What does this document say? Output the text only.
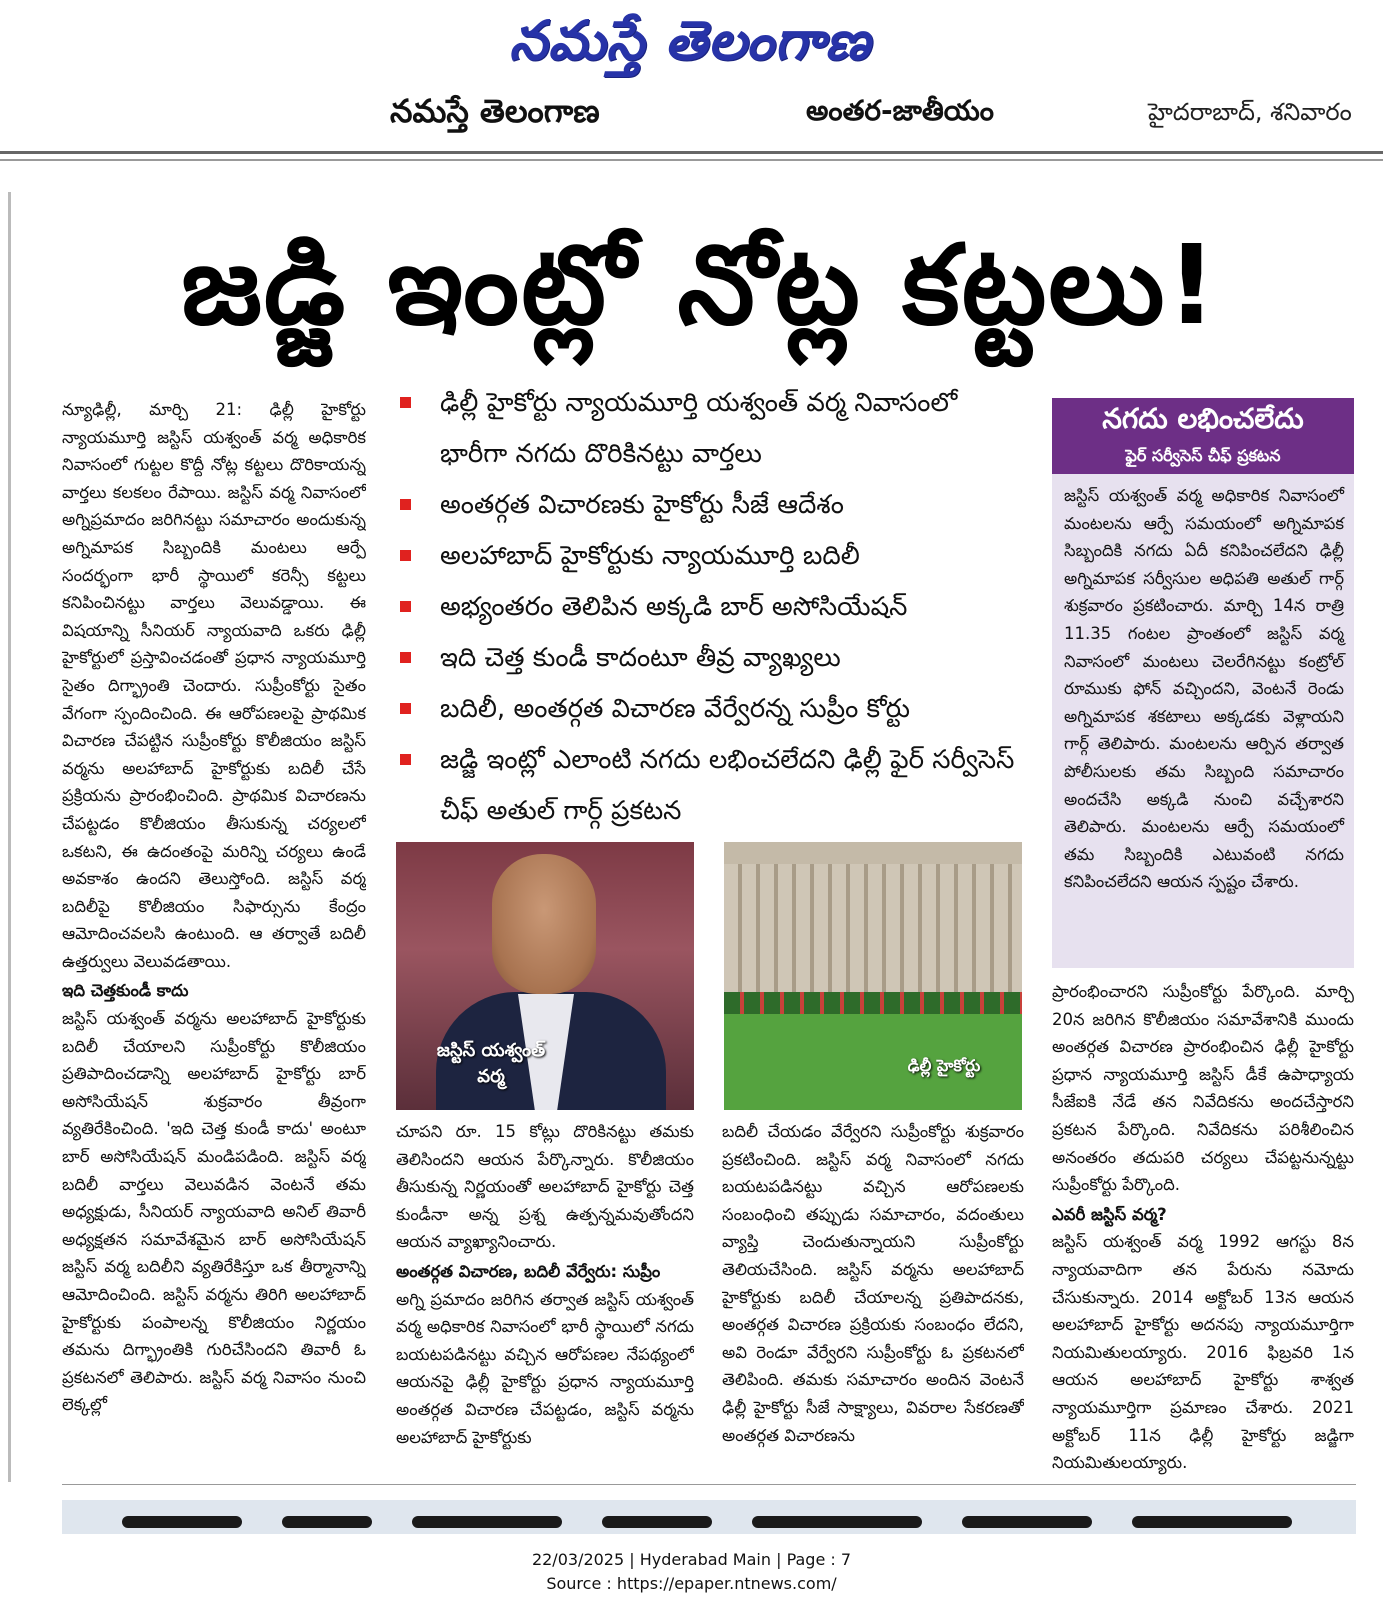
నమస్తే తెలంగాణ
నమస్తే తెలంగాణ	అంతర-జాతీయం	హైదరాబాద్, శనివారం
జడ్జి ఇంట్లో నోట్ల కట్టలు!

న్యూఢిల్లీ, మార్చి 21: ఢిల్లీ హైకోర్టు న్యాయమూర్తి జస్టిస్ యశ్వంత్ వర్మ అధికారిక నివాసంలో గుట్టల కొద్దీ నోట్ల కట్టలు దొరికాయన్న వార్తలు కలకలం రేపాయి. జస్టిస్ వర్మ నివాసంలో అగ్నిప్రమాదం జరిగినట్టు సమాచారం అందుకున్న అగ్నిమాపక సిబ్బందికి మంటలు ఆర్పే సందర్భంగా భారీ స్థాయిలో కరెన్సీ కట్టలు కనిపించినట్టు వార్తలు వెలువడ్డాయి. ఈ విషయాన్ని సీనియర్ న్యాయవాది ఒకరు ఢిల్లీ హైకోర్టులో ప్రస్తావించడంతో ప్రధాన న్యాయమూర్తి సైతం దిగ్భ్రాంతి చెందారు. సుప్రీంకోర్టు సైతం వేగంగా స్పందించింది. ఈ ఆరోపణలపై ప్రాథమిక విచారణ చేపట్టిన సుప్రీంకోర్టు కొలీజియం జస్టిస్ వర్మను అలహాబాద్ హైకోర్టుకు బదిలీ చేసే ప్రక్రియను ప్రారంభించింది. ప్రాథమిక విచారణను చేపట్టడం కొలీజియం తీసుకున్న చర్యలలో ఒకటని, ఈ ఉదంతంపై మరిన్ని చర్యలు ఉండే అవకాశం ఉందని తెలుస్తోంది. జస్టిస్ వర్మ బదిలీపై కొలీజియం సిఫార్సును కేంద్రం ఆమోదించవలసి ఉంటుంది. ఆ తర్వాతే బదిలీ ఉత్తర్వులు వెలువడతాయి.

ఇది చెత్తకుండీ కాదు

జస్టిస్ యశ్వంత్ వర్మను అలహాబాద్ హైకోర్టుకు బదిలీ చేయాలని సుప్రీంకోర్టు కొలీజియం ప్రతిపాదించడాన్ని అలహాబాద్ హైకోర్టు బార్ అసోసియేషన్ శుక్రవారం తీవ్రంగా వ్యతిరేకించింది. 'ఇది చెత్త కుండీ కాదు' అంటూ బార్ అసోసియేషన్ మండిపడింది. జస్టిస్ వర్మ బదిలీ వార్తలు వెలువడిన వెంటనే తమ అధ్యక్షుడు, సీనియర్ న్యాయవాది అనిల్ తివారీ అధ్యక్షతన సమావేశమైన బార్ అసోసియేషన్ జస్టిస్ వర్మ బదిలీని వ్యతిరేకిస్తూ ఒక తీర్మానాన్ని ఆమోదించింది. జస్టిస్ వర్మను తిరిగి అలహాబాద్ హైకోర్టుకు పంపాలన్న కొలీజియం నిర్ణయం తమను దిగ్భ్రాంతికి గురిచేసిందని తివారీ ఓ ప్రకటనలో తెలిపారు. జస్టిస్ వర్మ నివాసం నుంచి లెక్కల్లో

ఢిల్లీ హైకోర్టు న్యాయమూర్తి యశ్వంత్ వర్మ నివాసంలో భారీగా నగదు దొరికినట్టు వార్తలు
అంతర్గత విచారణకు హైకోర్టు సీజే ఆదేశం
అలహాబాద్ హైకోర్టుకు న్యాయమూర్తి బదిలీ
అభ్యంతరం తెలిపిన అక్కడి బార్ అసోసియేషన్
ఇది చెత్త కుండీ కాదంటూ తీవ్ర వ్యాఖ్యలు
బదిలీ, అంతర్గత విచారణ వేర్వేరన్న సుప్రీం కోర్టు
జడ్జి ఇంట్లో ఎలాంటి నగదు లభించలేదని ఢిల్లీ ఫైర్ సర్వీసెస్ చీఫ్ అతుల్ గార్గ్ ప్రకటన
జస్టిస్ యశ్వంత్ వర్మ
ఢిల్లీ హైకోర్టు

చూపని రూ. 15 కోట్లు దొరికినట్టు తమకు తెలిసిందని ఆయన పేర్కొన్నారు. కొలీజియం తీసుకున్న నిర్ణయంతో అలహాబాద్ హైకోర్టు చెత్త కుండీనా అన్న ప్రశ్న ఉత్పన్నమవుతోందని ఆయన వ్యాఖ్యానించారు.

అంతర్గత విచారణ, బదిలీ వేర్వేరు: సుప్రీం

అగ్ని ప్రమాదం జరిగిన తర్వాత జస్టిస్ యశ్వంత్ వర్మ అధికారిక నివాసంలో భారీ స్థాయిలో నగదు బయటపడినట్టు వచ్చిన ఆరోపణల నేపథ్యంలో ఆయనపై ఢిల్లీ హైకోర్టు ప్రధాన న్యాయమూర్తి అంతర్గత విచారణ చేపట్టడం, జస్టిస్ వర్మను అలహాబాద్ హైకోర్టుకు

బదిలీ చేయడం వేర్వేరని సుప్రీంకోర్టు శుక్రవారం ప్రకటించింది. జస్టిస్ వర్మ నివాసంలో నగదు బయటపడినట్టు వచ్చిన ఆరోపణలకు సంబంధించి తప్పుడు సమాచారం, వదంతులు వ్యాప్తి చెందుతున్నాయని సుప్రీంకోర్టు తెలియచేసింది. జస్టిస్ వర్మను అలహాబాద్ హైకోర్టుకు బదిలీ చేయాలన్న ప్రతిపాదనకు, అంతర్గత విచారణ ప్రక్రియకు సంబంధం లేదని, అవి రెండూ వేర్వేరని సుప్రీంకోర్టు ఓ ప్రకటనలో తెలిపింది. తమకు సమాచారం అందిన వెంటనే ఢిల్లీ హైకోర్టు సీజే సాక్ష్యాలు, వివరాల సేకరణతో అంతర్గత విచారణను

నగదు లభించలేదు
ఫైర్ సర్వీసెస్ చీఫ్ ప్రకటన
జస్టిస్ యశ్వంత్ వర్మ అధికారిక నివాసంలో మంటలను ఆర్పే సమయంలో అగ్నిమాపక సిబ్బందికి నగదు ఏదీ కనిపించలేదని ఢిల్లీ అగ్నిమాపక సర్వీసుల అధిపతి అతుల్ గార్గ్ శుక్రవారం ప్రకటించారు. మార్చి 14న రాత్రి 11.35 గంటల ప్రాంతంలో జస్టిస్ వర్మ నివాసంలో మంటలు చెలరేగినట్టు కంట్రోల్ రూముకు ఫోన్ వచ్చిందని, వెంటనే రెండు అగ్నిమాపక శకటాలు అక్కడకు వెళ్లాయని గార్గ్ తెలిపారు. మంటలను ఆర్పిన తర్వాత పోలీసులకు తమ సిబ్బంది సమాచారం అందచేసి అక్కడి నుంచి వచ్చేశారని తెలిపారు. మంటలను ఆర్పే సమయంలో తమ సిబ్బందికి ఎటువంటి నగదు కనిపించలేదని ఆయన స్పష్టం చేశారు.

ప్రారంభించారని సుప్రీంకోర్టు పేర్కొంది. మార్చి 20న జరిగిన కొలీజియం సమావేశానికి ముందు అంతర్గత విచారణ ప్రారంభించిన ఢిల్లీ హైకోర్టు ప్రధాన న్యాయమూర్తి జస్టిస్ డీకే ఉపాధ్యాయ సీజేఐకి నేడే తన నివేదికను అందచేస్తారని ప్రకటన పేర్కొంది. నివేదికను పరిశీలించిన అనంతరం తదుపరి చర్యలు చేపట్టనున్నట్టు సుప్రీంకోర్టు పేర్కొంది.

ఎవరీ జస్టిస్ వర్మ?

జస్టిస్ యశ్వంత్ వర్మ 1992 ఆగస్టు 8న న్యాయవాదిగా తన పేరును నమోదు చేసుకున్నారు. 2014 అక్టోబర్ 13న ఆయన అలహాబాద్ హైకోర్టు అదనపు న్యాయమూర్తిగా నియమితులయ్యారు. 2016 ఫిబ్రవరి 1న ఆయన అలహాబాద్ హైకోర్టు శాశ్వత న్యాయమూర్తిగా ప్రమాణం చేశారు. 2021 అక్టోబర్ 11న ఢిల్లీ హైకోర్టు జడ్జిగా నియమితులయ్యారు.

22/03/2025 | Hyderabad Main | Page : 7
Source : https://epaper.ntnews.com/
